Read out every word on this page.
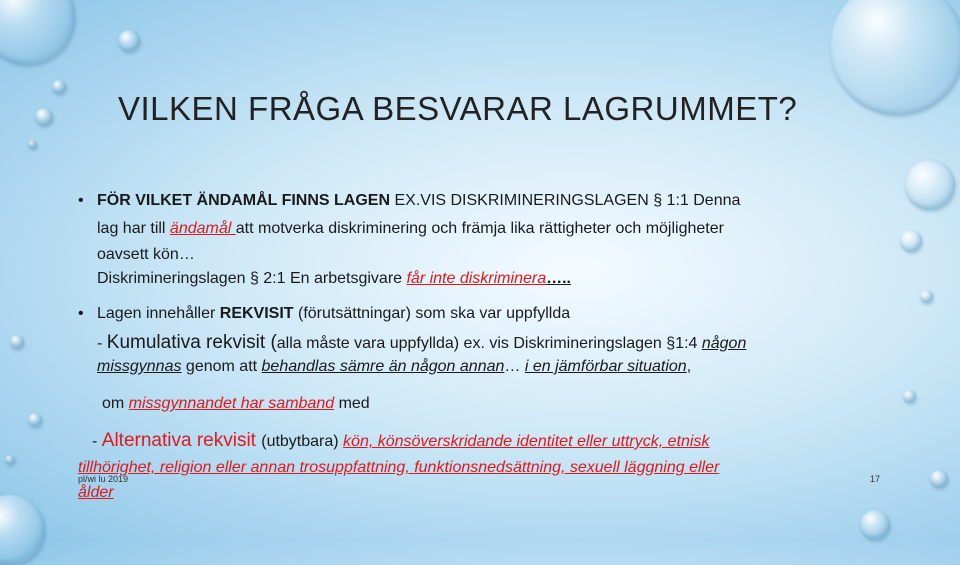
VILKEN FRÅGA BESVARAR LAGRUMMET?
• FÖR VILKET ÄNDAMÅL FINNS LAGEN EX.VIS DISKRIMINERINGSLAGEN § 1:1 Denna
lag har till ändamål att motverka diskriminering och främja lika rättigheter och möjligheter
oavsett kön…
Diskrimineringslagen § 2:1 En arbetsgivare får inte diskriminera…..
• Lagen innehåller REKVISIT (förutsättningar) som ska var uppfyllda
- Kumulativa rekvisit (alla måste vara uppfyllda) ex. vis Diskrimineringslagen §1:4 någon
missgynnas genom att behandlas sämre än någon annan… i en jämförbar situation,
om missgynnandet har samband med
- Alternativa rekvisit (utbytbara) kön, könsöverskridande identitet eller uttryck, etnisk
tillhörighet, religion eller annan trosuppfattning, funktionsnedsättning, sexuell läggning eller
ålder
pl/wi lu 2019	17
